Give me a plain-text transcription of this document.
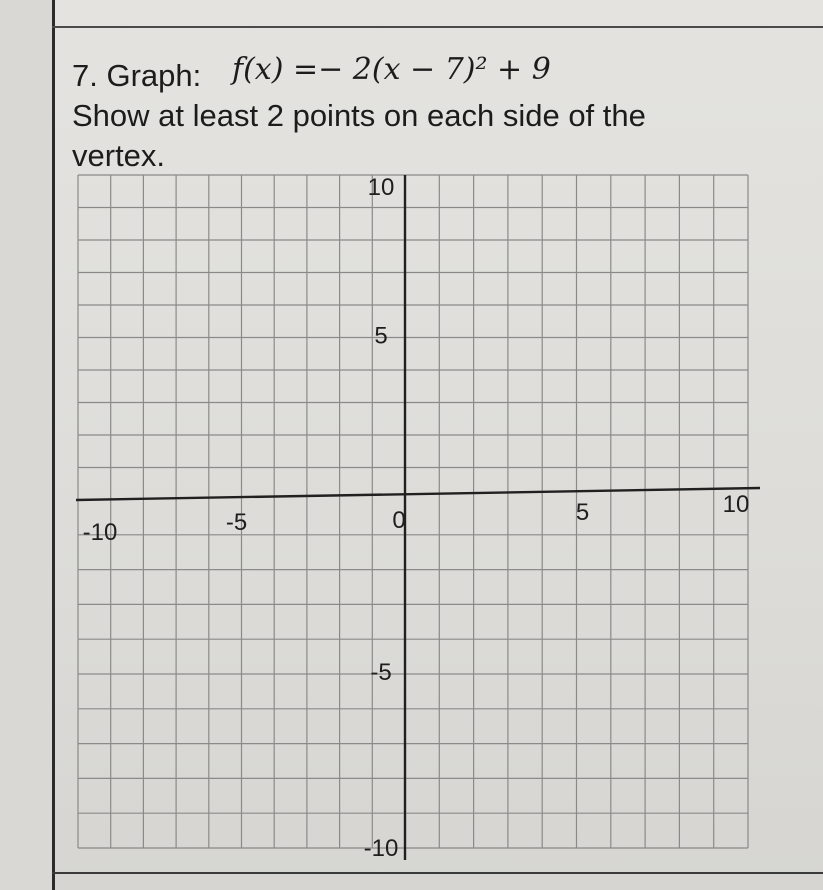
7. Graph: f(x) =− 2(x − 7)² + 9
Show at least 2 points on each side of the
vertex.
-10	-5	0	5	10
10
5
-5
-10
